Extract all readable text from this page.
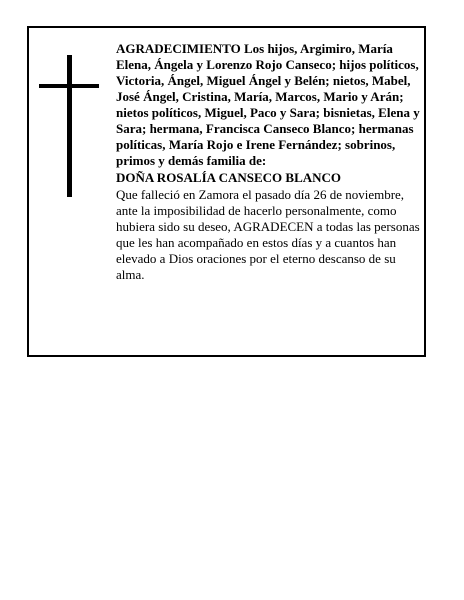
AGRADECIMIENTO Los hijos, Argimiro, María Elena, Ángela y Lorenzo Rojo Canseco; hijos políticos, Victoria, Ángel, Miguel Ángel y Belén; nietos, Mabel, José Ángel, Cristina, María, Marcos, Mario y Arán; nietos políticos, Miguel, Paco y Sara; bisnietas, Elena y Sara; hermana, Francisca Canseco Blanco; hermanas políticas, María Rojo e Irene Fernández; sobrinos, primos y demás familia de:

DOÑA ROSALÍA CANSECO BLANCO

Que falleció en Zamora el pasado día 26 de noviembre, ante la imposibilidad de hacerlo personalmente, como hubiera sido su deseo, AGRADECEN a todas las personas que les han acompañado en estos días y a cuantos han elevado a Dios oraciones por el eterno descanso de su alma.
